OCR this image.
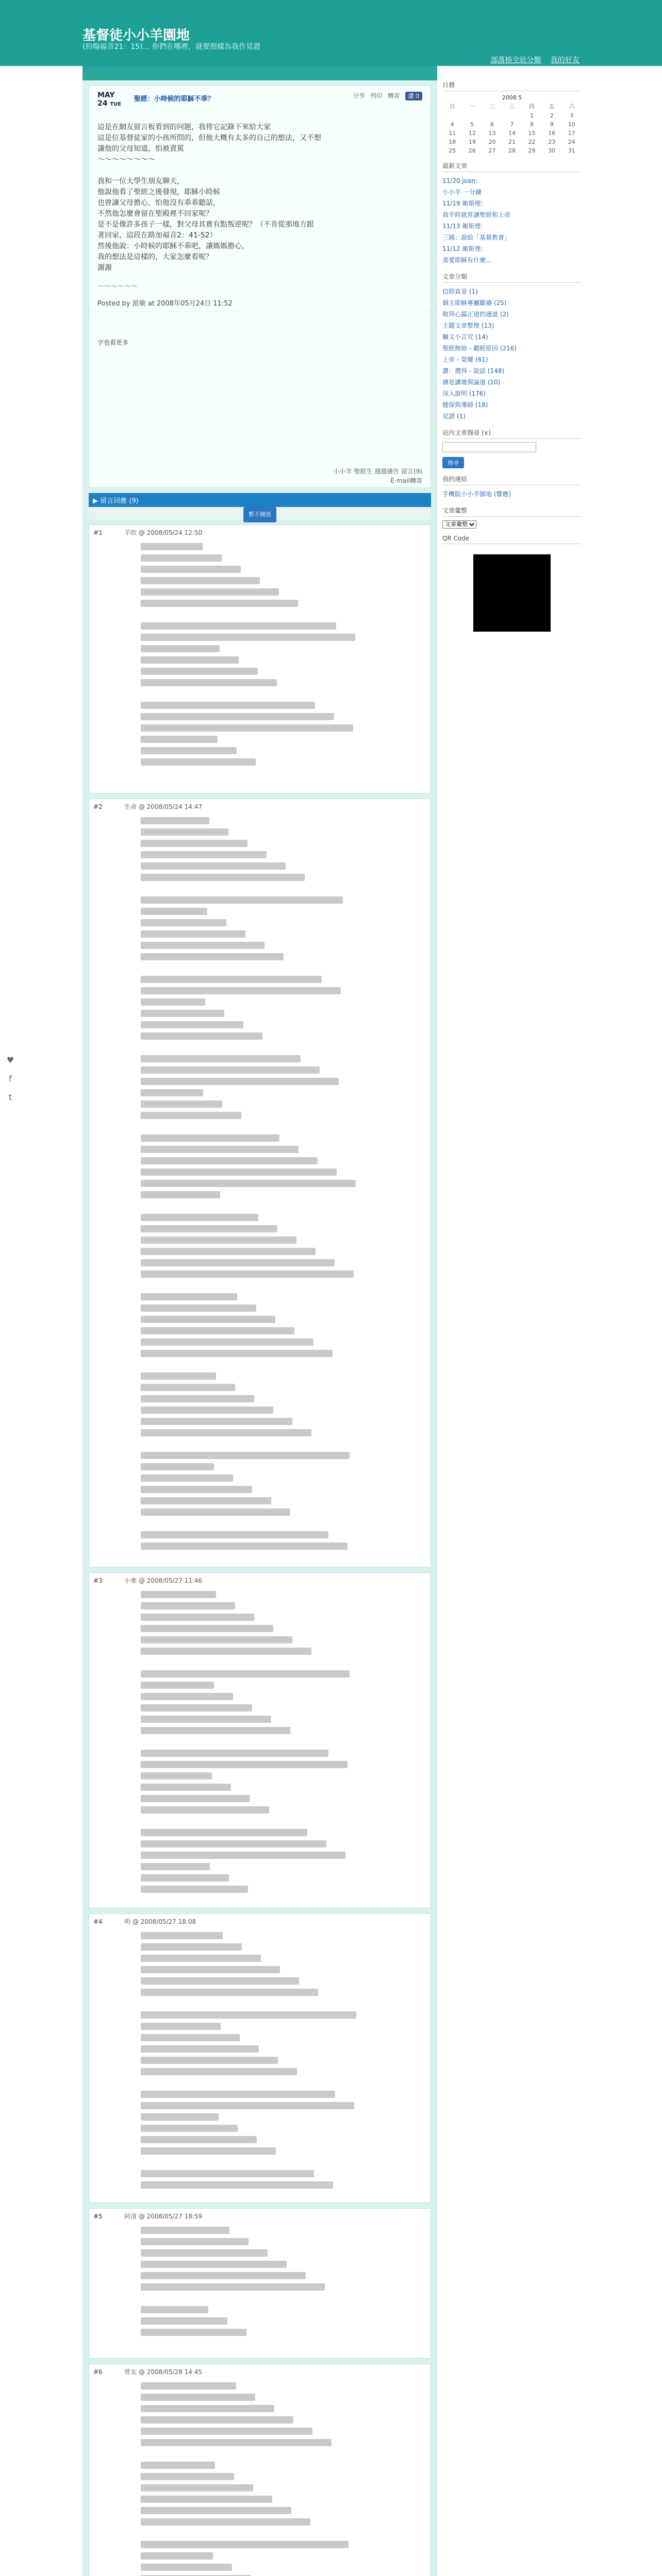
基督徒小小羊園地
(約翰福音21：15)… 你們在哪裡，就要照樣為我作見證
部落格全站分類 我的好友
MAY
24 TUE
聖經：小時候的耶穌不乖？	分享 列印 轉寄 讚 0

這是在網友留言板看到的问题，我将它記錄下來給大家

這是位基督徒家的小孩所問的，但他大概有太多的自己的想法，又不想

讓他的父母知道，怕被責罵

〜〜〜〜〜〜〜〜

我和一位大學生朋友聊天，

他說他看了聖經之後發現，耶穌小時候

也曾讓父母擔心，怕他沒有乖乖聽話，

不然他怎麼會留在聖殿裡不回家呢？

是不是像許多孩子一樣，對父母其實有點叛逆呢？（不肯從那地方跟

著回家，這段在路加福音2：41-52）

然後他說：小時候的耶穌不乖吧，讓媽媽擔心，

我的想法是這樣的，大家怎麼看呢？

謝謝

〜〜〜〜〜〜

Posted by 派敏 at 2008年05月24日 11:52

字也看更多
小小羊 聖經生 週週禱告 留言(9)
E-mail轉寄
▶ 留言回應 (9)
暫不開放
#1	羊欣 @ 2008/05/24 12:50
#2	生命 @ 2008/05/24 14:47
#3	小麥 @ 2008/05/27 11:46
#4	明 @ 2008/05/27 18:08
#5	阿清 @ 2008/05/27 18:59
#6	曾友 @ 2008/05/28 14:45
日曆
2008 5
日	一	二	三	四	五	六
				1	2	3
4	5	6	7	8	9	10
11	12	13	14	15	16	17
18	19	20	21	22	23	24
25	26	27	28	29	30	31
最新文章
11/20 joan：
小小羊 一分鐘
11/19 衛斯理：
我平時就常讀聖經和上帝
11/13 衛斯理：
三國：說給「基督教會」
11/12 衛斯理：
喜愛耶穌有什麼...
文章分類
信仰真是 (1)
個主耶穌專屬聽禱 (25)
敬拜心露正道的通道 (2)
主題文章整理 (13)
曠文小言究 (14)
聖經無始 - 聽經原因 (216)
上帝 - 榮耀 (61)
讚：禮拜 - 說話 (148)
禱是講壇與論道 (10)
深入說明 (176)
健保與導師 (18)
見證 (1)
站內文章搜尋 (∨)
搜尋
我的連結
手機版小小羊園地 (響應)
文章彙整
文章彙整
QR Code
♥
f
t
